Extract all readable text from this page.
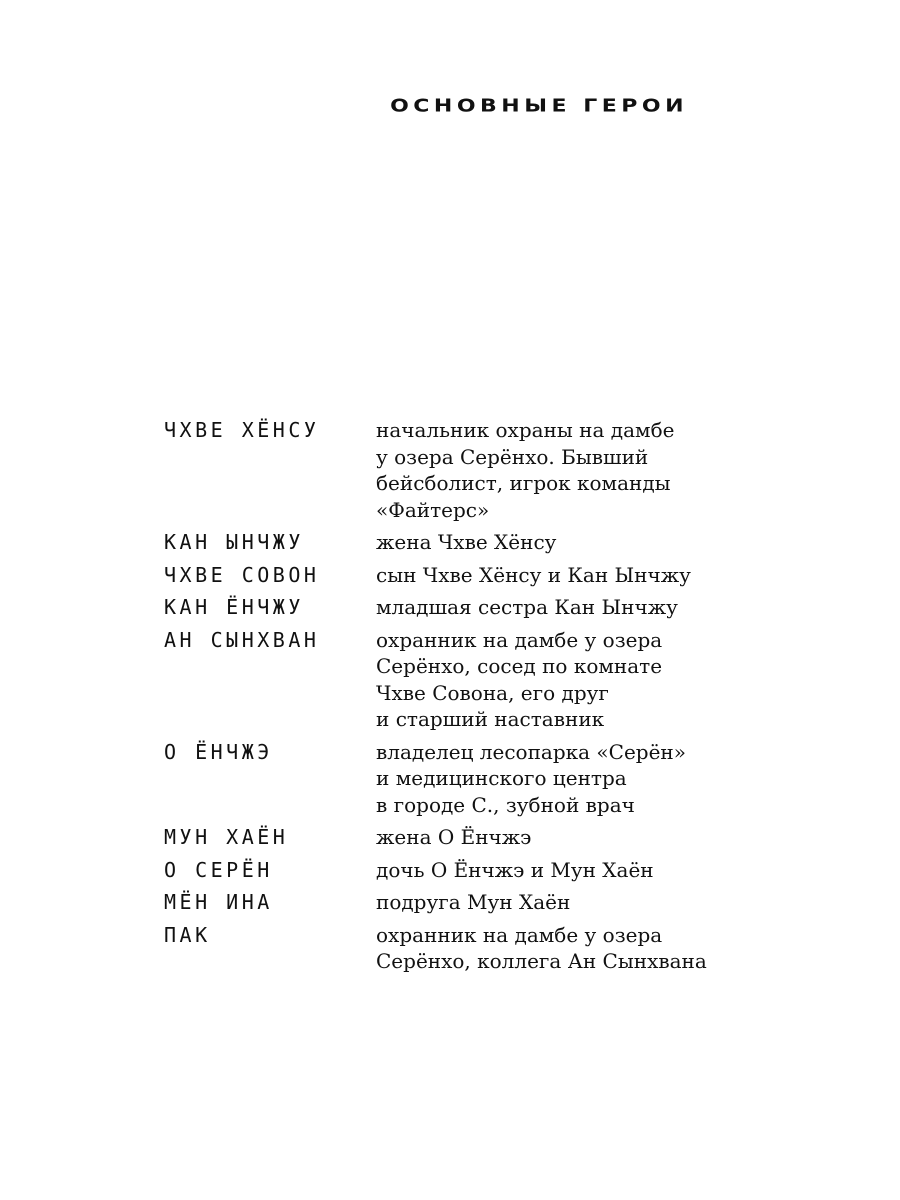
ОСНОВНЫЕ ГЕРОИ
ЧХВЕ ХЁНСУ	начальник охраны на дамбе
у озера Серёнхо. Бывший
бейсболист, игрок команды
«Файтерс»
КАН ЫНЧЖУ	жена Чхве Хёнсу
ЧХВЕ СОВОН	сын Чхве Хёнсу и Кан Ынчжу
КАН ЁНЧЖУ	младшая сестра Кан Ынчжу
АН СЫНХВАН	охранник на дамбе у озера
Серёнхо, сосед по комнате
Чхве Совона, его друг
и старший наставник
О ЁНЧЖЭ	владелец лесопарка «Серён»
и медицинского центра
в городе С., зубной врач
МУН ХАЁН	жена О Ёнчжэ
О СЕРЁН	дочь О Ёнчжэ и Мун Хаён
МЁН ИНА	подруга Мун Хаён
ПАК	охранник на дамбе у озера
Серёнхо, коллега Ан Сынхвана
